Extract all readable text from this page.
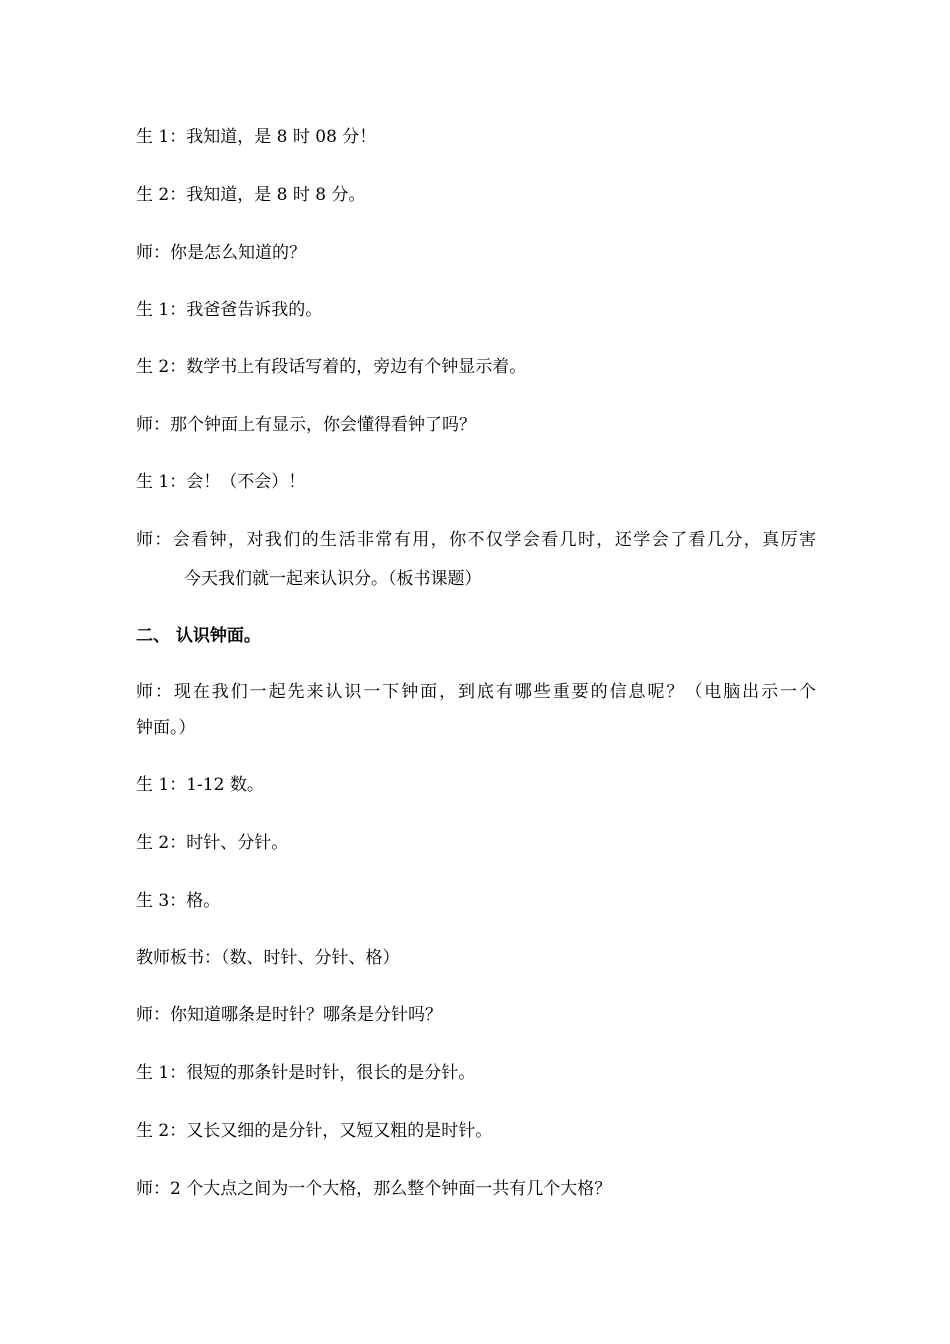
生 1：我知道，是 8 时 08 分！
生 2：我知道，是 8 时 8 分。
师：你是怎么知道的？
生 1：我爸爸告诉我的。
生 2：数学书上有段话写着的，旁边有个钟显示着。
师：那个钟面上有显示，你会懂得看钟了吗？
生 1：会！（不会）！
师：会看钟，对我们的生活非常有用，你不仅学会看几时，还学会了看几分，真厉害
今天我们就一起来认识分。（板书课题）
二、 认识钟面。
师：现在我们一起先来认识一下钟面，到底有哪些重要的信息呢？（电脑出示一个
钟面。）
生 1：1-12 数。
生 2：时针、分针。
生 3：格。
教师板书：（数、时针、分针、格）
师：你知道哪条是时针？哪条是分针吗？
生 1：很短的那条针是时针，很长的是分针。
生 2：又长又细的是分针，又短又粗的是时针。
师：2 个大点之间为一个大格，那么整个钟面一共有几个大格？
